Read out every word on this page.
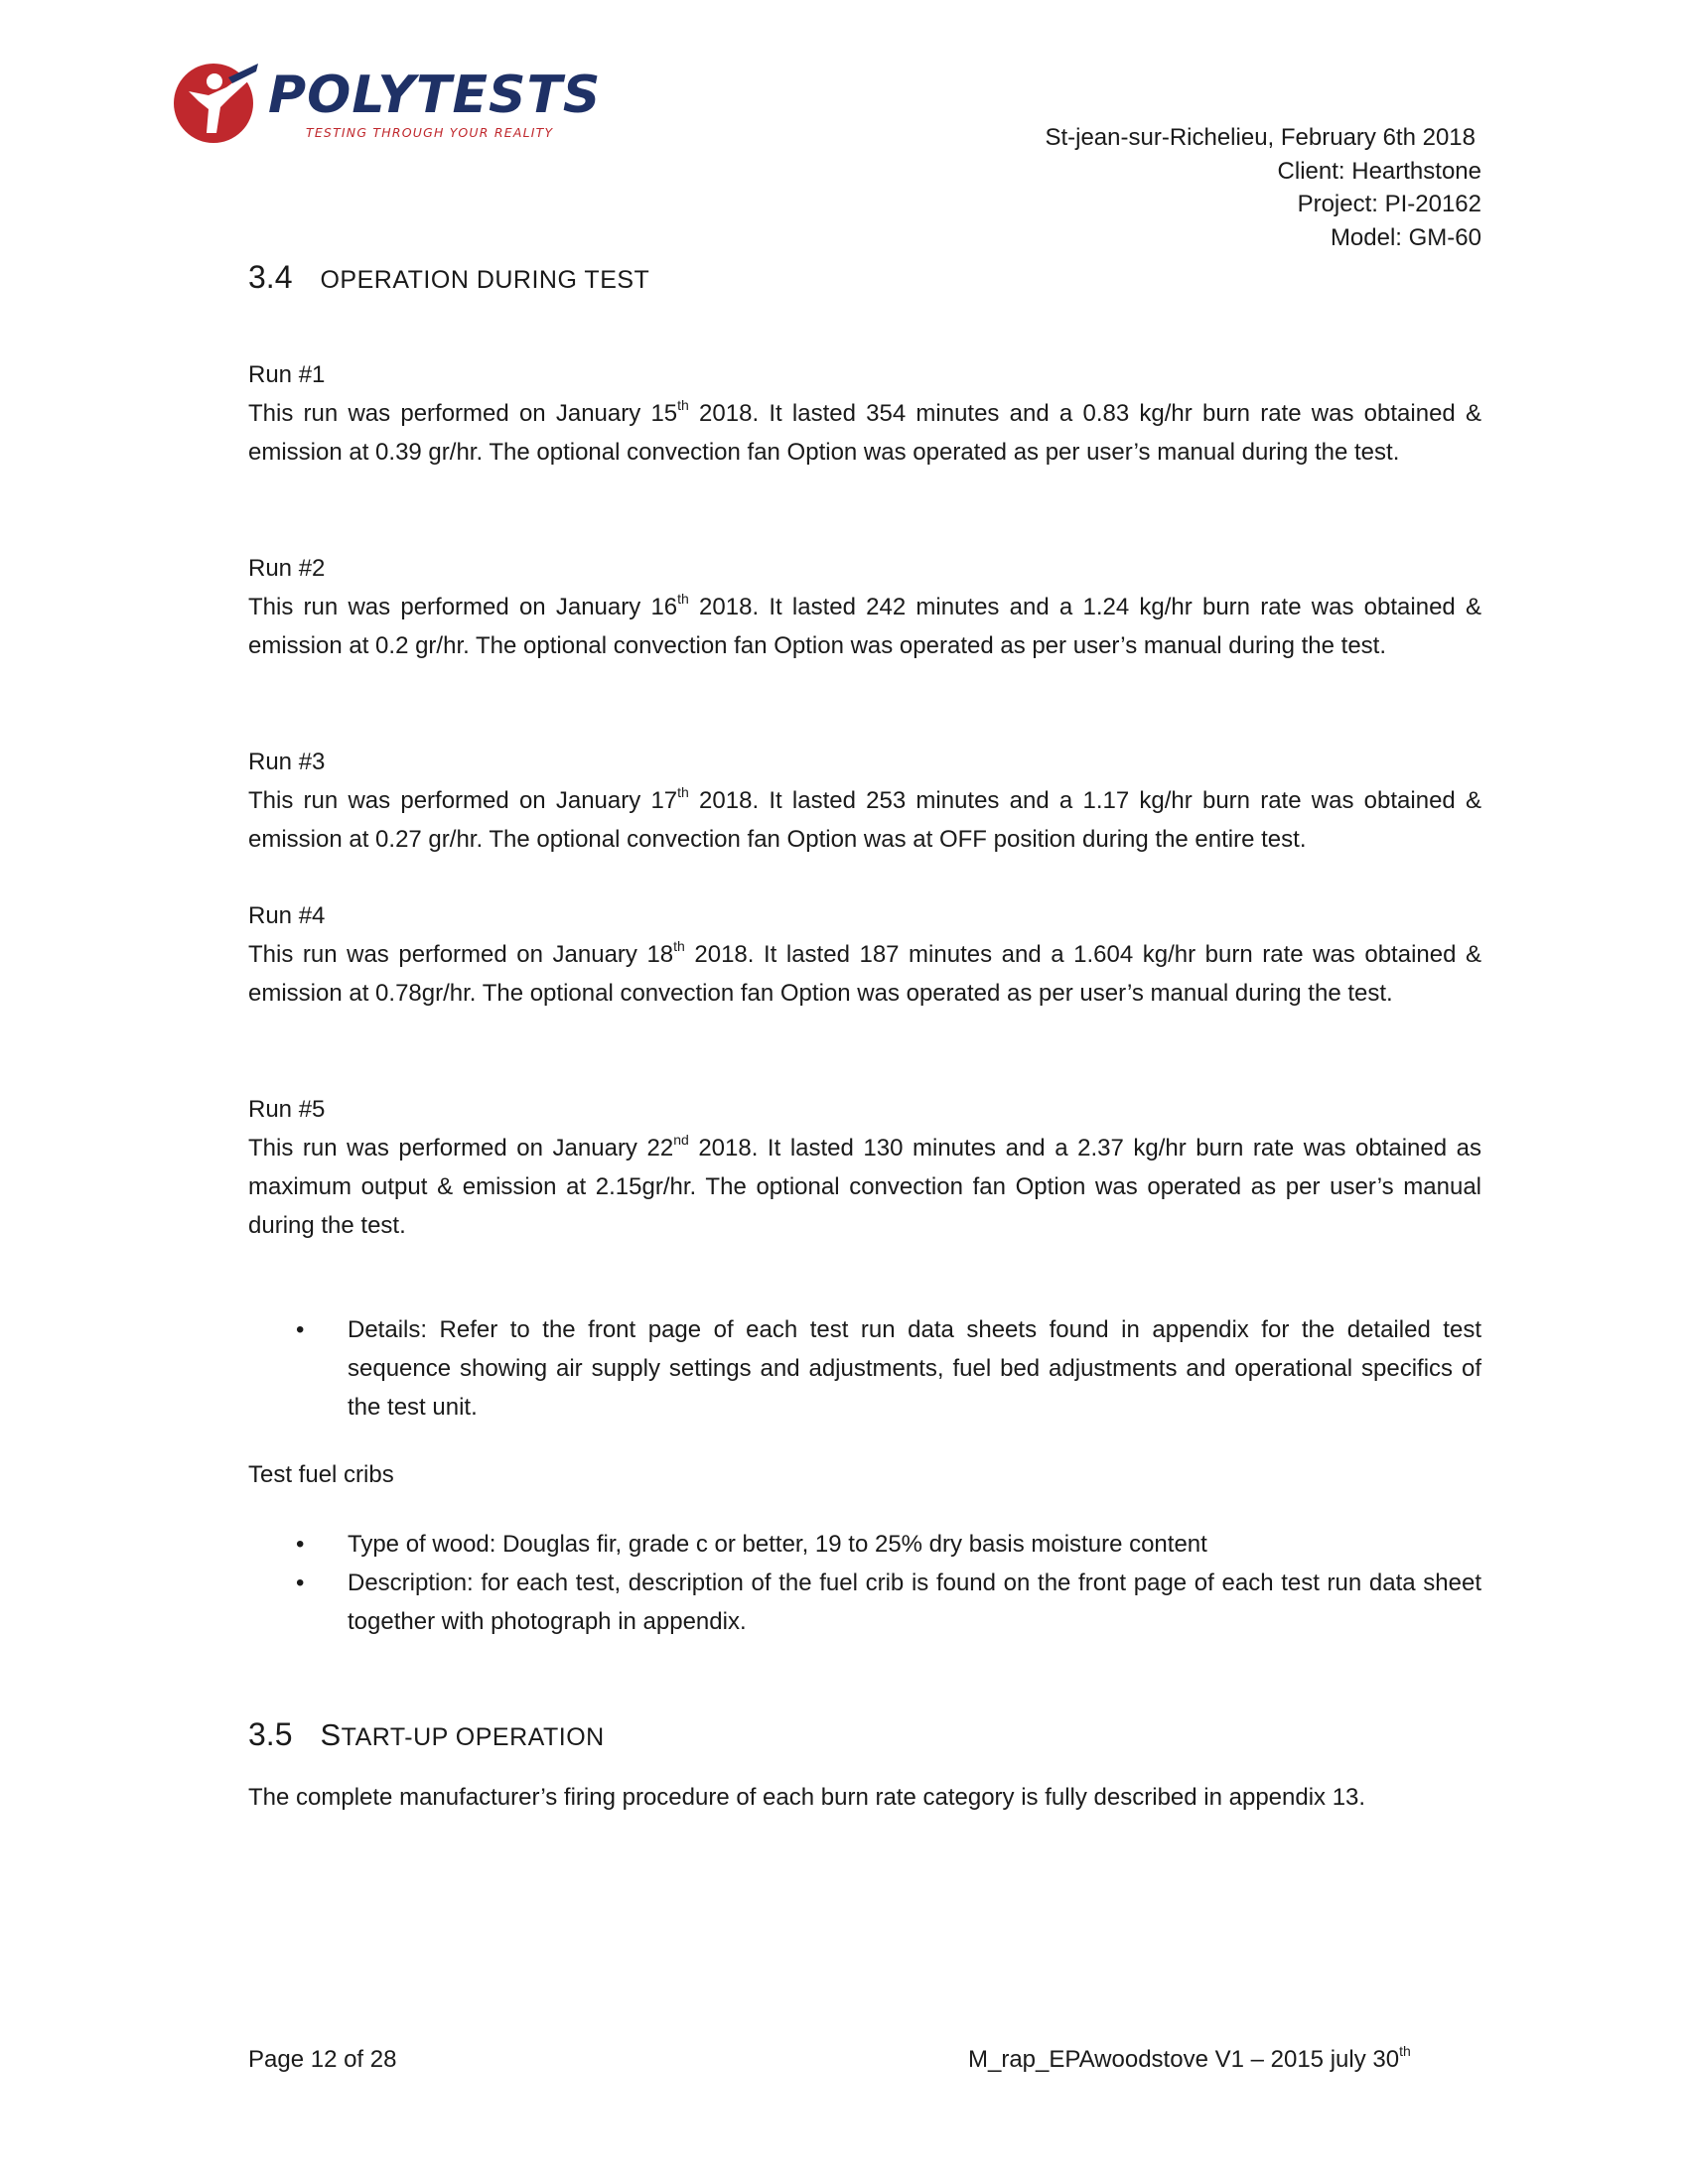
POLYTESTS
TESTING THROUGH YOUR REALITY	St-jean-sur-Richelieu, February 6th 2018
Client: Hearthstone
Project: PI-20162
Model: GM-60
3.4 OPERATION DURING TEST

Run #1

This run was performed on January 15th 2018. It lasted 354 minutes and a 0.83 kg/hr burn rate was obtained & emission at 0.39 gr/hr. The optional convection fan Option was operated as per user’s manual during the test.

Run #2

This run was performed on January 16th 2018. It lasted 242 minutes and a 1.24 kg/hr burn rate was obtained & emission at 0.2 gr/hr. The optional convection fan Option was operated as per user’s manual during the test.

Run #3

This run was performed on January 17th 2018. It lasted 253 minutes and a 1.17 kg/hr burn rate was obtained & emission at 0.27 gr/hr. The optional convection fan Option was at OFF position during the entire test.

Run #4

This run was performed on January 18th 2018. It lasted 187 minutes and a 1.604 kg/hr burn rate was obtained & emission at 0.78gr/hr. The optional convection fan Option was operated as per user’s manual during the test.

Run #5

This run was performed on January 22nd 2018. It lasted 130 minutes and a 2.37 kg/hr burn rate was obtained as maximum output & emission at 2.15gr/hr. The optional convection fan Option was operated as per user’s manual during the test.

• Details: Refer to the front page of each test run data sheets found in appendix for the detailed test sequence showing air supply settings and adjustments, fuel bed adjustments and operational specifics of the test unit.

Test fuel cribs

• Type of wood: Douglas fir, grade c or better, 19 to 25% dry basis moisture content
• Description: for each test, description of the fuel crib is found on the front page of each test run data sheet together with photograph in appendix.
3.5 START-UP OPERATION

The complete manufacturer’s firing procedure of each burn rate category is fully described in appendix 13.

Page 12 of 28	M_rap_EPAwoodstove V1 – 2015 july 30th
